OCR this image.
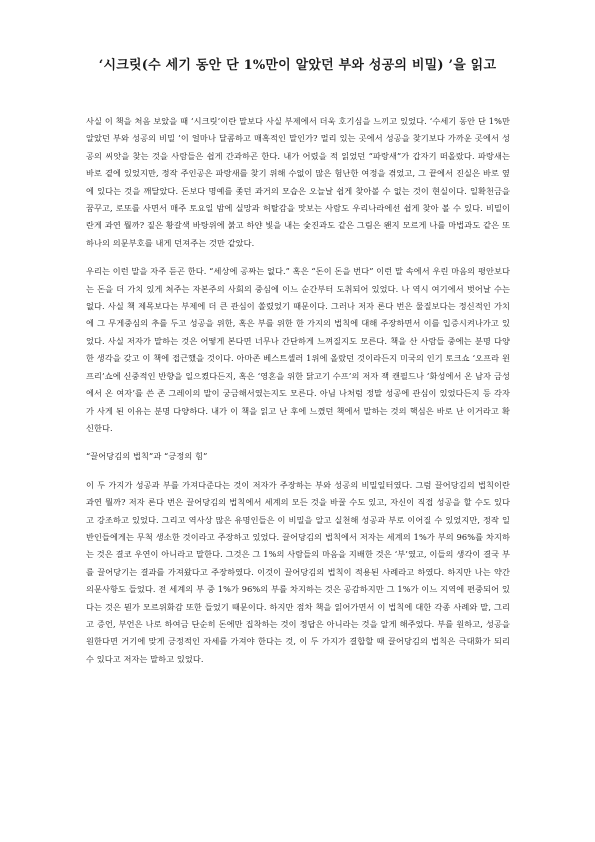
‘시크릿(수 세기 동안 단 1%만이 알았던 부와 성공의 비밀) ’을 읽고

사실 이 책을 처음 보았을 때 ‘시크릿’이란 말보다 사실 부제에서 더욱 호기심을 느끼고 있었다. ‘수세기 동안 단 1%만 알았던 부와 성공의 비밀 ’이 얼마나 달콤하고 매혹적인 말인가? 멀리 있는 곳에서 성공을 찾기보다 가까운 곳에서 성공의 씨앗을 찾는 것을 사람들은 쉽게 간과하곤 한다. 내가 어렸을 적 읽었던 “파랑새”가 갑자기 떠올랐다. 파랑새는 바로 곁에 있었지만, 정작 주인공은 파랑새를 찾기 위해 수없이 많은 험난한 여정을 겪었고, 그 끝에서 진실은 바로 옆에 있다는 것을 깨달았다. 돈보다 명예를 좇던 과거의 모습은 오늘날 쉽게 찾아볼 수 없는 것이 현실이다. 일확천금을 꿈꾸고, 로또를 사면서 매주 토요일 밤에 실망과 허탈감을 맛보는 사람도 우리나라에선 쉽게 찾아 볼 수 있다. 비밀이란게 과연 뭘까? 짙은 황갈색 바탕위에 붉고 하얀 빛을 내는 숯진과도 같은 그림은 왠지 모르게 나를 마법과도 같은 또 하나의 의문부호를 내게 던져주는 것만 같았다.

우리는 이런 말을 자주 듣곤 한다. “세상에 공짜는 없다.” 혹은 “돈이 돈을 번다” 이런 말 속에서 우린 마음의 평안보다는 돈을 더 가치 있게 쳐주는 자본주의 사회의 중심에 이느 순간부터 도취되어 있었다. 나 역시 여기에서 벗어날 수는 없다. 사실 책 제목보다는 부제에 더 큰 관심이 쏠렸었기 때문이다. 그러나 저자 론다 번은 물질보다는 정신적인 가치에 그 무게중심의 추를 두고 성공을 위한, 혹은 부를 위한 한 가지의 법칙에 대해 주장하면서 이를 입증시켜나가고 있었다. 사실 저자가 말하는 것은 어떻게 본다면 너무나 간단하게 느껴질지도 모른다. 책을 산 사람들 중에는 분명 다양한 생각을 갖고 이 책에 접근했을 것이다. 아마존 베스트셀러 1위에 올랐던 것이라든지 미국의 인기 토크쇼 ‘오프라 윈프리’쇼에 신중적인 반향을 일으켰다든지, 혹은 ‘영혼을 위한 닭고기 수프’의 저자 잭 캔필드나 ‘화성에서 온 남자 금성에서 온 여자’를 쓴 존 그레이의 말이 궁금해서였는지도 모른다. 아님 나처럼 정말 성공에 관심이 있었다든지 등 각자가 사게 된 이유는 분명 다양하다. 내가 이 책을 읽고 난 후에 느꼈던 책에서 말하는 것의 핵심은 바로 난 이거라고 확신한다.

“끌어당김의 법칙”과 “긍정의 힘”

이 두 가지가 성공과 부를 가져다준다는 것이 저자가 주장하는 부와 성공의 비밀일터였다. 그럼 끌어당김의 법칙이란 과연 뭘까? 저자 론다 번은 끌어당김의 법칙에서 세계의 모든 것을 바꿀 수도 있고, 자신이 직접 성공을 할 수도 있다고 강조하고 있었다. 그리고 역사상 많은 유명인들은 이 비밀을 알고 실천해 성공과 부로 이어질 수 있었지만, 정작 일반인들에게는 무척 생소한 것이라고 주장하고 있었다. 끌어당김의 법칙에서 저자는 세계의 1%가 부의 96%를 차지하는 것은 결코 우연이 아니라고 말한다. 그것은 그 1%의 사람들의 마음을 지배한 것은 ‘부’였고, 이들의 생각이 결국 부를 끌어당기는 결과를 가져왔다고 주장하였다. 이것이 끌어당김의 법칙이 적용된 사례라고 하였다. 하지만 나는 약간 의문사항도 들었다. 전 세계의 부 중 1%가 96%의 부를 차지하는 것은 공감하지만 그 1%가 이느 지역에 편중되어 있다는 것은 뭔가 모르위화감 또한 들었기 때문이다. 하지만 점차 책을 읽어가면서 이 법칙에 대한 각종 사례와 말, 그리고 증언, 부언은 나로 하여금 단순히 돈에만 집착하는 것이 정답은 아니라는 것을 알게 해주었다. 부를 원하고, 성공을 원한다면 거기에 맞게 긍정적인 자세를 가져야 한다는 것, 이 두 가지가 결합할 때 끌어당김의 법칙은 극대화가 되리 수 있다고 저자는 말하고 있었다.
